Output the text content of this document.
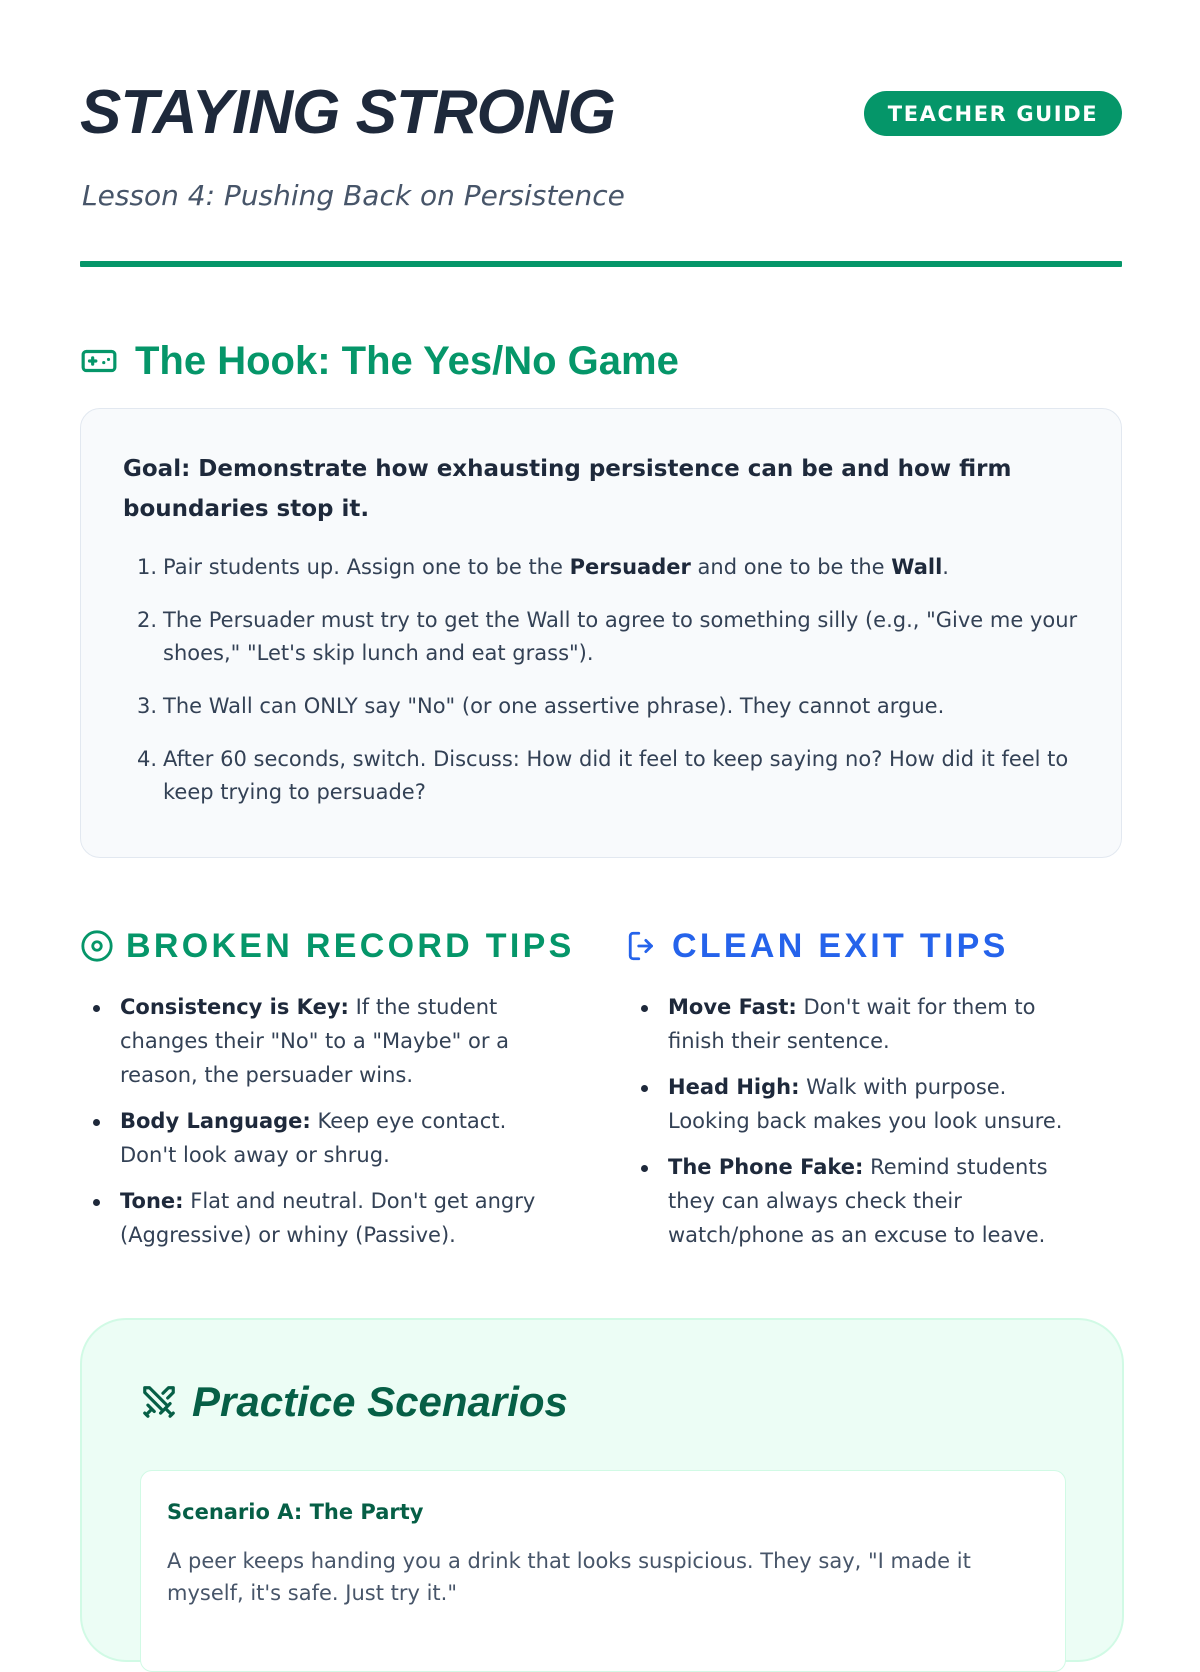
STAYING STRONG	TEACHER GUIDE

Lesson 4: Pushing Back on Persistence

The Hook: The Yes/No Game

Goal: Demonstrate how exhausting persistence can be and how firm boundaries stop it.

Pair students up. Assign one to be the Persuader and one to be the Wall.
The Persuader must try to get the Wall to agree to something silly (e.g., "Give me your shoes," "Let's skip lunch and eat grass").
The Wall can ONLY say "No" (or one assertive phrase). They cannot argue.
After 60 seconds, switch. Discuss: How did it feel to keep saying no? How did it feel to keep trying to persuade?
BROKEN RECORD TIPS
Consistency is Key: If the student changes their "No" to a "Maybe" or a reason, the persuader wins.
Body Language: Keep eye contact. Don't look away or shrug.
Tone: Flat and neutral. Don't get angry (Aggressive) or whiny (Passive).
CLEAN EXIT TIPS
Move Fast: Don't wait for them to finish their sentence.
Head High: Walk with purpose. Looking back makes you look unsure.
The Phone Fake: Remind students they can always check their watch/phone as an excuse to leave.
Practice Scenarios

Scenario A: The Party

A peer keeps handing you a drink that looks suspicious. They say, "I made it myself, it's safe. Just try it."
